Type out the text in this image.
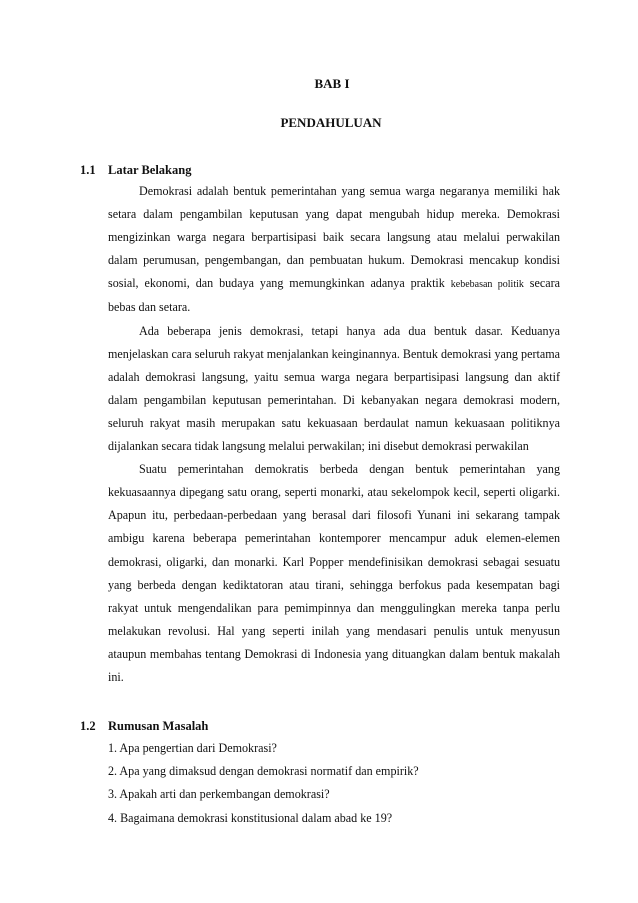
BAB I
PENDAHULUAN
1.1 Latar Belakang

Demokrasi adalah bentuk pemerintahan yang semua warga negaranya memiliki hak setara dalam pengambilan keputusan yang dapat mengubah hidup mereka. Demokrasi mengizinkan warga negara berpartisipasi baik secara langsung atau melalui perwakilan dalam perumusan, pengembangan, dan pembuatan hukum. Demokrasi mencakup kondisi sosial, ekonomi, dan budaya yang memungkinkan adanya praktik kebebasan politik secara bebas dan setara.

Ada beberapa jenis demokrasi, tetapi hanya ada dua bentuk dasar. Keduanya menjelaskan cara seluruh rakyat menjalankan keinginannya. Bentuk demokrasi yang pertama adalah demokrasi langsung, yaitu semua warga negara berpartisipasi langsung dan aktif dalam pengambilan keputusan pemerintahan. Di kebanyakan negara demokrasi modern, seluruh rakyat masih merupakan satu kekuasaan berdaulat namun kekuasaan politiknya dijalankan secara tidak langsung melalui perwakilan; ini disebut demokrasi perwakilan

Suatu pemerintahan demokratis berbeda dengan bentuk pemerintahan yang kekuasaannya dipegang satu orang, seperti monarki, atau sekelompok kecil, seperti oligarki. Apapun itu, perbedaan-perbedaan yang berasal dari filosofi Yunani ini sekarang tampak ambigu karena beberapa pemerintahan kontemporer mencampur aduk elemen-elemen demokrasi, oligarki, dan monarki. Karl Popper mendefinisikan demokrasi sebagai sesuatu yang berbeda dengan kediktatoran atau tirani, sehingga berfokus pada kesempatan bagi rakyat untuk mengendalikan para pemimpinnya dan menggulingkan mereka tanpa perlu melakukan revolusi. Hal yang seperti inilah yang mendasari penulis untuk menyusun ataupun membahas tentang Demokrasi di Indonesia yang dituangkan dalam bentuk makalah ini.

1.2 Rumusan Masalah
1. Apa pengertian dari Demokrasi?
2. Apa yang dimaksud dengan demokrasi normatif dan empirik?
3. Apakah arti dan perkembangan demokrasi?
4. Bagaimana demokrasi konstitusional dalam abad ke 19?
